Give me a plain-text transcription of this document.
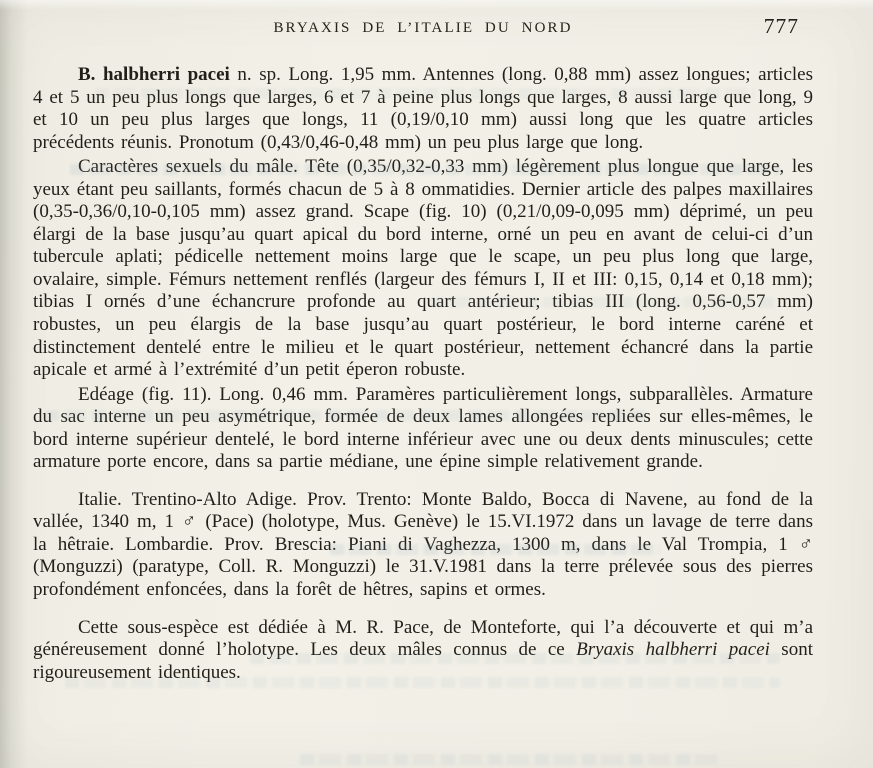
BRYAXIS DE L’ITALIE DU NORD	777

B. halbherri pacei n. sp. Long. 1,95 mm. Antennes (long. 0,88 mm) assez longues; articles 4 et 5 un peu plus longs que larges, 6 et 7 à peine plus longs que larges, 8 aussi large que long, 9 et 10 un peu plus larges que longs, 11 (0,19/0,10 mm) aussi long que les quatre articles précédents réunis. Pronotum (0,43/0,46-0,48 mm) un peu plus large que long.

Caractères sexuels du mâle. Tête (0,35/0,32-0,33 mm) légèrement plus longue que large, les yeux étant peu saillants, formés chacun de 5 à 8 ommatidies. Dernier article des palpes maxillaires (0,35-0,36/0,10-0,105 mm) assez grand. Scape (fig. 10) (0,21/0,09-0,095 mm) déprimé, un peu élargi de la base jusqu’au quart apical du bord interne, orné un peu en avant de celui-ci d’un tubercule aplati; pédicelle nettement moins large que le scape, un peu plus long que large, ovalaire, simple. Fémurs nettement renflés (largeur des fémurs I, II et III: 0,15, 0,14 et 0,18 mm); tibias I ornés d’une échancrure profonde au quart antérieur; tibias III (long. 0,56-0,57 mm) robustes, un peu élargis de la base jusqu’au quart postérieur, le bord interne caréné et distinctement dentelé entre le milieu et le quart postérieur, nettement échancré dans la partie apicale et armé à l’extrémité d’un petit éperon robuste.

Edéage (fig. 11). Long. 0,46 mm. Paramères particulièrement longs, subparallèles. Armature du sac interne un peu asymétrique, formée de deux lames allongées repliées sur elles-mêmes, le bord interne supérieur dentelé, le bord interne inférieur avec une ou deux dents minuscules; cette armature porte encore, dans sa partie médiane, une épine simple relativement grande.

Italie. Trentino-Alto Adige. Prov. Trento: Monte Baldo, Bocca di Navene, au fond de la vallée, 1340 m, 1 ♂ (Pace) (holotype, Mus. Genève) le 15.VI.1972 dans un lavage de terre dans la hêtraie. Lombardie. Prov. Brescia: Piani di Vaghezza, 1300 m, dans le Val Trompia, 1 ♂ (Monguzzi) (paratype, Coll. R. Monguzzi) le 31.V.1981 dans la terre prélevée sous des pierres profondément enfoncées, dans la forêt de hêtres, sapins et ormes.

Cette sous-espèce est dédiée à M. R. Pace, de Monteforte, qui l’a découverte et qui m’a généreusement donné l’holotype. Les deux mâles connus de ce Bryaxis halbherri pacei sont rigoureusement identiques.
